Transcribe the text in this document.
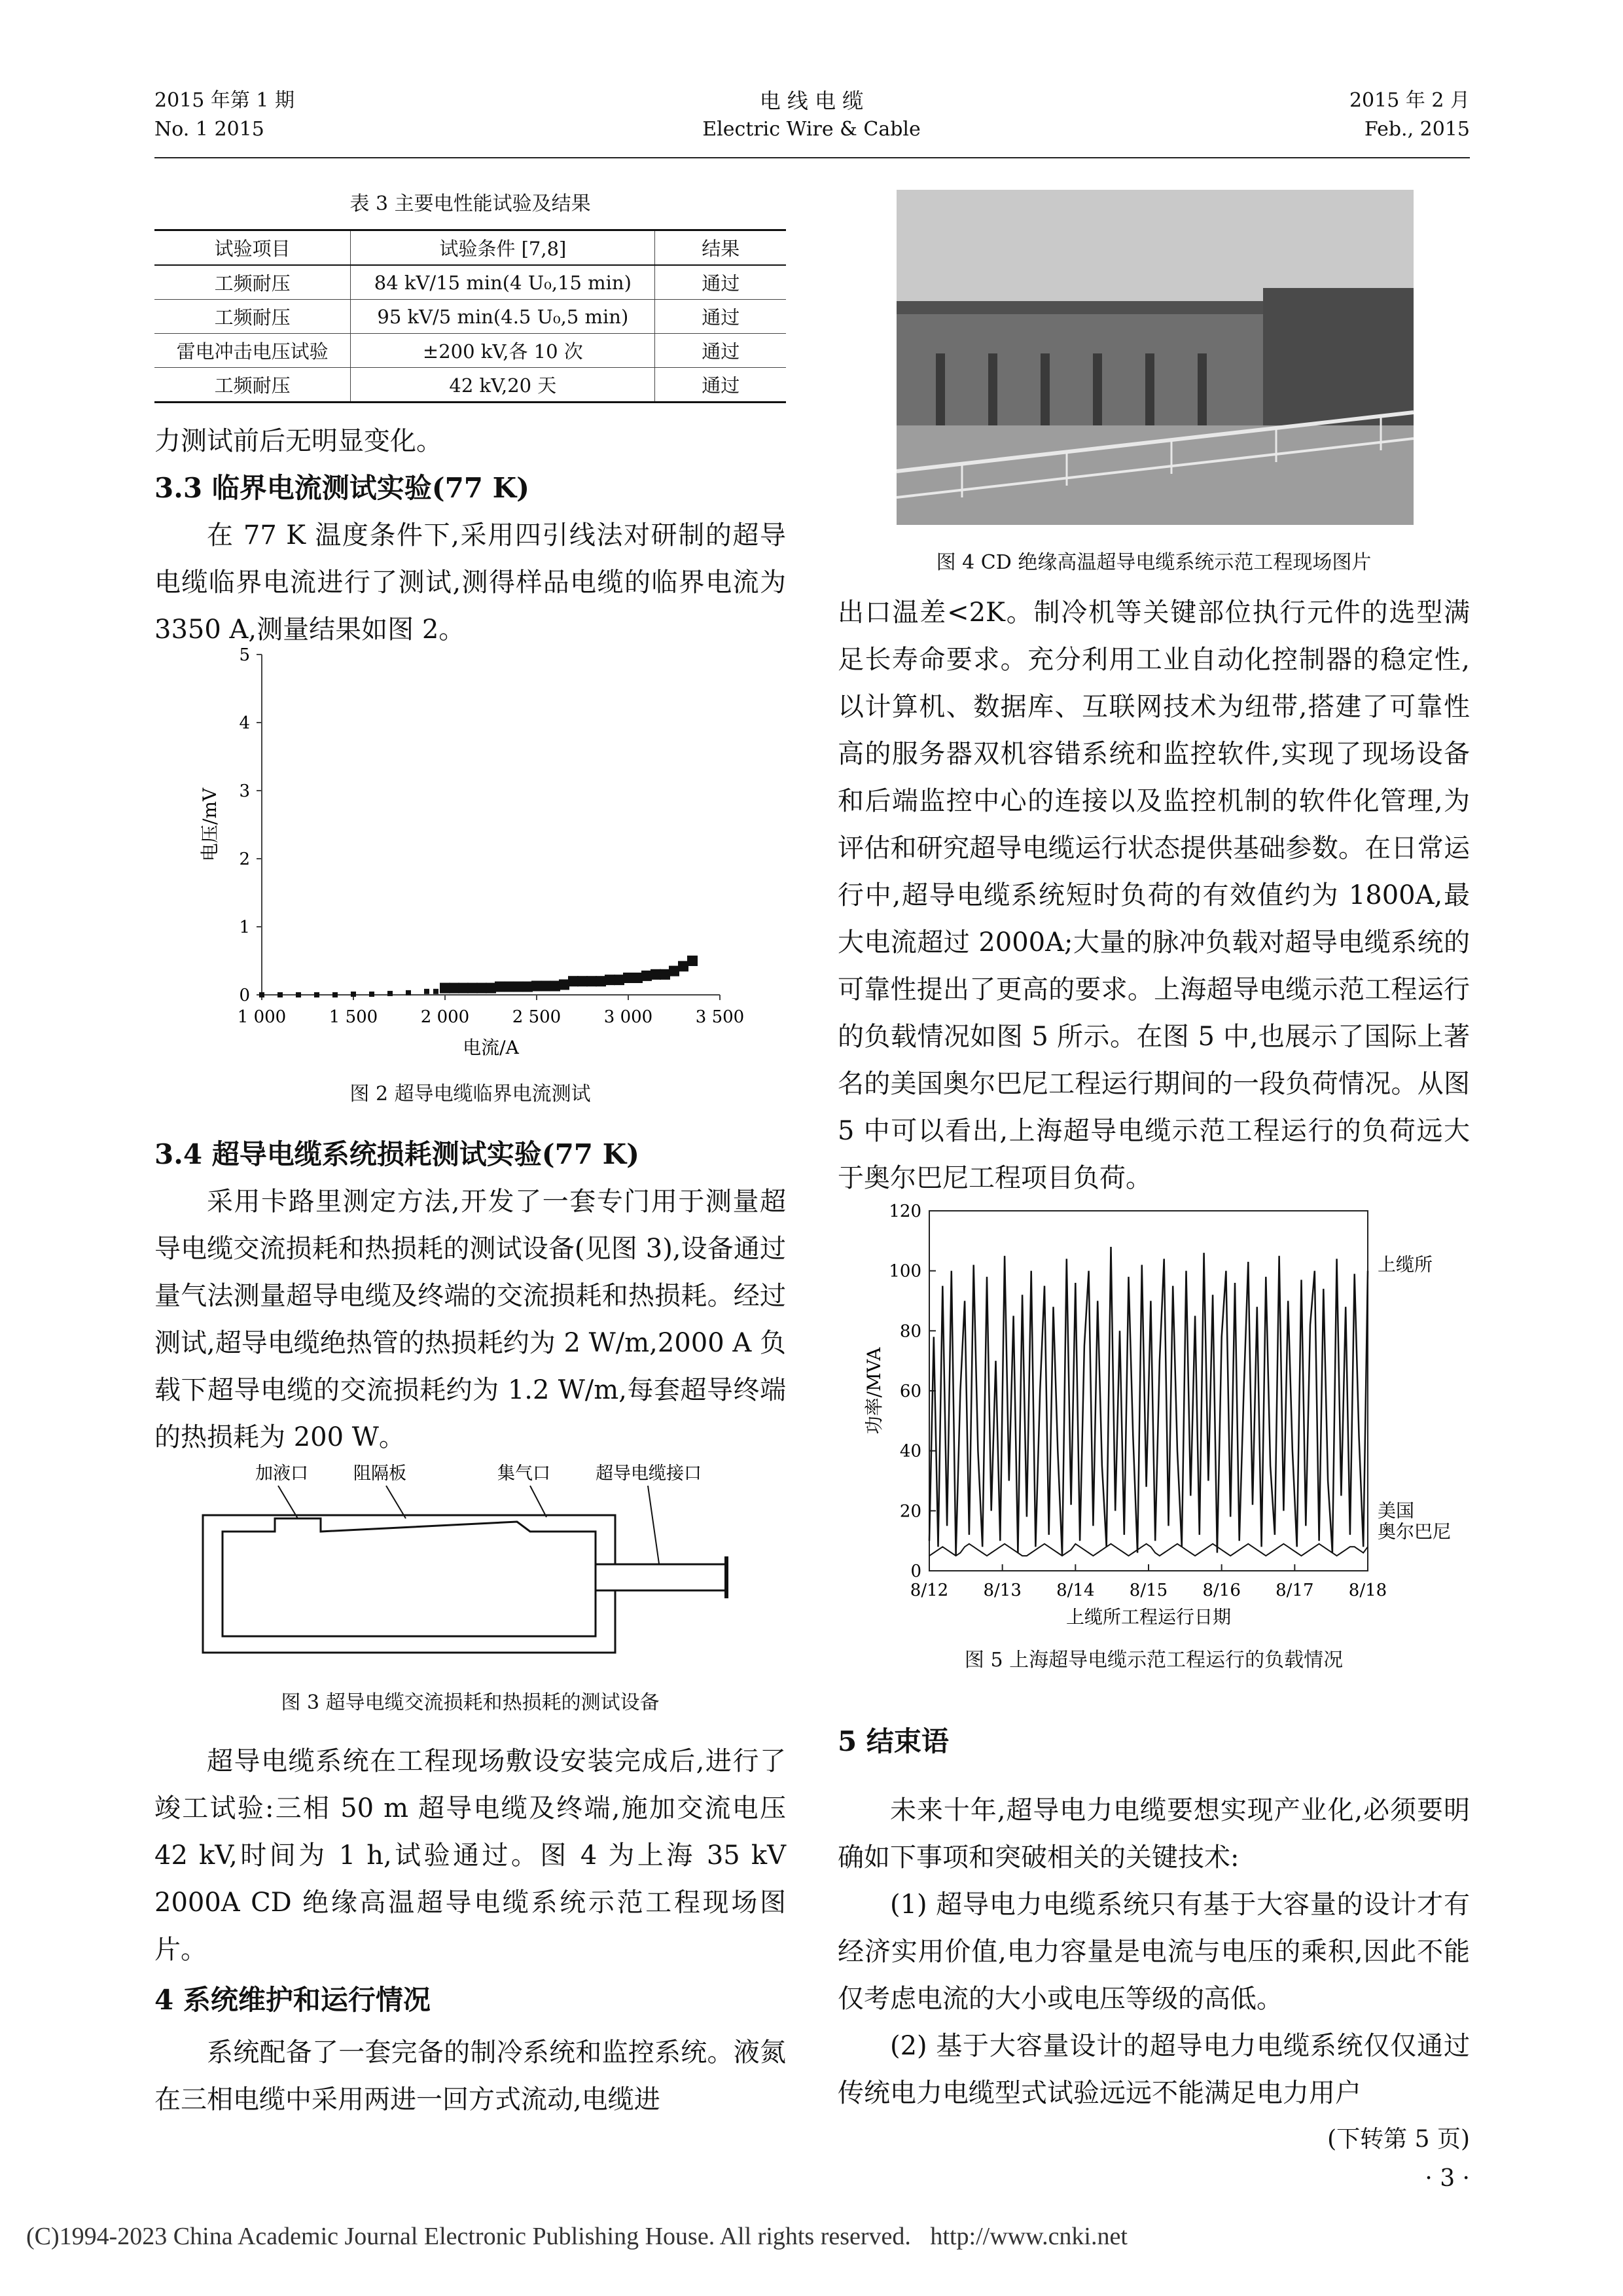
2015 年第 1 期
No. 1 2015
电 线 电 缆
Electric Wire & Cable
2015 年 2 月
Feb., 2015
表 3 主要电性能试验及结果
试验项目	试验条件 [7,8]	结果
工频耐压	84 kV/15 min(4 U₀,15 min)	通过
工频耐压	95 kV/5 min(4.5 U₀,5 min)	通过
雷电冲击电压试验	±200 kV,各 10 次	通过
工频耐压	42 kV,20 天	通过

力测试前后无明显变化。

3.3 临界电流测试实验(77 K)

在 77 K 温度条件下,采用四引线法对研制的超导电缆临界电流进行了测试,测得样品电缆的临界电流为 3350 A,测量结果如图 2。

0
1
2
3
4
5
1 000	1 500	2 000	2 500	3 000	3 500
电流/A
电压/mV
图 2 超导电缆临界电流测试

3.4 超导电缆系统损耗测试实验(77 K)

采用卡路里测定方法,开发了一套专门用于测量超导电缆交流损耗和热损耗的测试设备(见图 3),设备通过量气法测量超导电缆及终端的交流损耗和热损耗。经过测试,超导电缆绝热管的热损耗约为 2 W/m,2000 A 负载下超导电缆的交流损耗约为 1.2 W/m,每套超导终端的热损耗为 200 W。

加液口	阻隔板	集气口	超导电缆接口
图 3 超导电缆交流损耗和热损耗的测试设备

超导电缆系统在工程现场敷设安装完成后,进行了竣工试验:三相 50 m 超导电缆及终端,施加交流电压 42 kV,时间为 1 h,试验通过。图 4 为上海 35 kV 2000A CD 绝缘高温超导电缆系统示范工程现场图片。

4 系统维护和运行情况

系统配备了一套完备的制冷系统和监控系统。液氮在三相电缆中采用两进一回方式流动,电缆进

图 4 CD 绝缘高温超导电缆系统示范工程现场图片

出口温差<2K。制冷机等关键部位执行元件的选型满足长寿命要求。充分利用工业自动化控制器的稳定性,以计算机、数据库、互联网技术为纽带,搭建了可靠性高的服务器双机容错系统和监控软件,实现了现场设备和后端监控中心的连接以及监控机制的软件化管理,为评估和研究超导电缆运行状态提供基础参数。在日常运行中,超导电缆系统短时负荷的有效值约为 1800A,最大电流超过 2000A;大量的脉冲负载对超导电缆系统的可靠性提出了更高的要求。上海超导电缆示范工程运行的负载情况如图 5 所示。在图 5 中,也展示了国际上著名的美国奥尔巴尼工程运行期间的一段负荷情况。从图 5 中可以看出,上海超导电缆示范工程运行的负荷远大于奥尔巴尼工程项目负荷。

0
20
40
60
80
100
120
8/12 8/13 8/14 8/15 8/16 8/17 8/18
上缆所工程运行日期
功率/MVA
上缆所
美国
奥尔巴尼
图 5 上海超导电缆示范工程运行的负载情况

5 结束语

未来十年,超导电力电缆要想实现产业化,必须要明确如下事项和突破相关的关键技术:

(1) 超导电力电缆系统只有基于大容量的设计才有经济实用价值,电力容量是电流与电压的乘积,因此不能仅考虑电流的大小或电压等级的高低。

(2) 基于大容量设计的超导电力电缆系统仅仅通过传统电力电缆型式试验远远不能满足电力用户

(下转第 5 页)
· 3 ·
(C)1994-2023 China Academic Journal Electronic Publishing House. All rights reserved. http://www.cnki.net
